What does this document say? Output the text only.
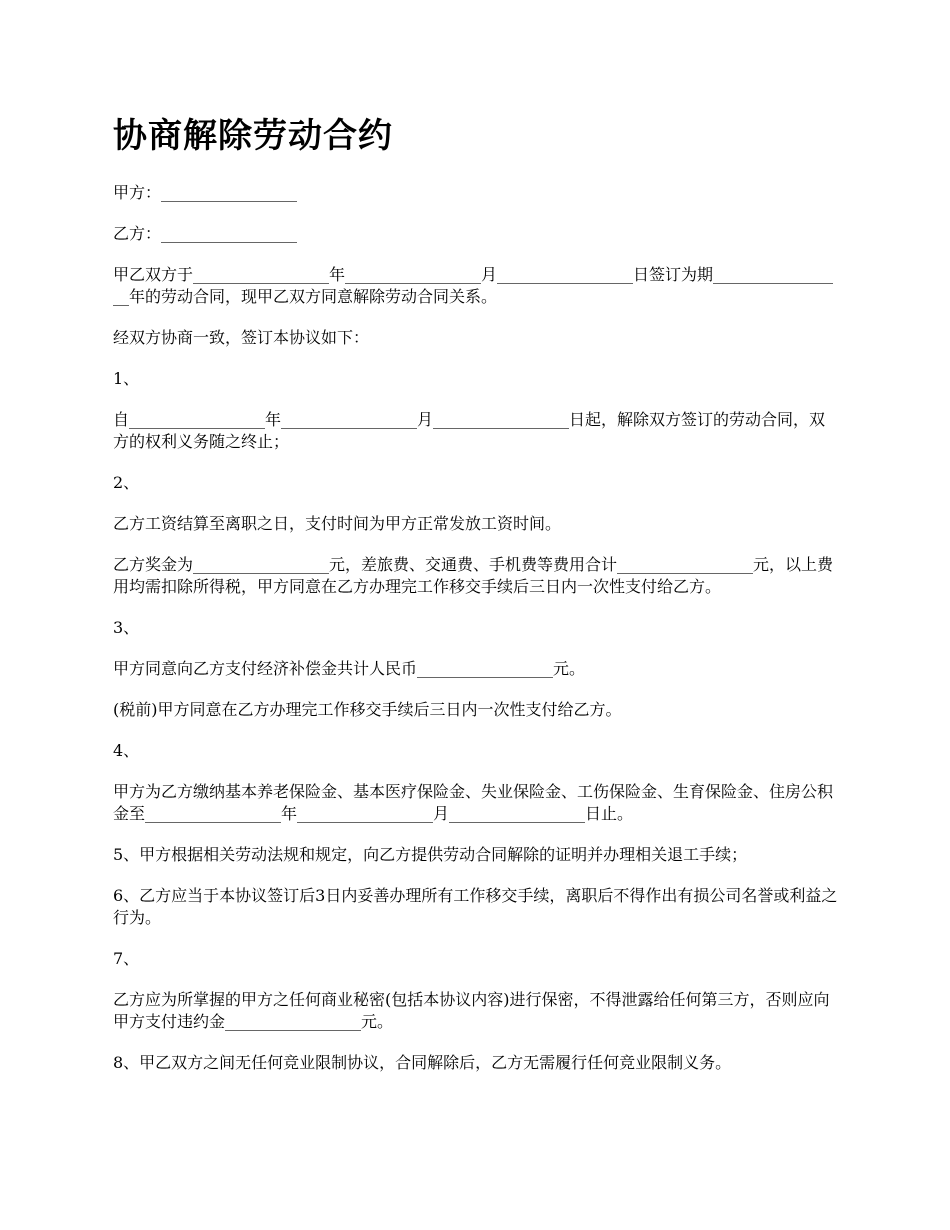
协商解除劳动合约
甲方：_________________
乙方：_________________
甲乙双方于_________________年_________________月_________________日签订为期_________________年的劳动合同，现甲乙双方同意解除劳动合同关系。
经双方协商一致，签订本协议如下：
1、
自_________________年_________________月_________________日起，解除双方签订的劳动合同，双方的权利义务随之终止；
2、
乙方工资结算至离职之日，支付时间为甲方正常发放工资时间。
乙方奖金为_________________元，差旅费、交通费、手机费等费用合计_________________元，以上费用均需扣除所得税，甲方同意在乙方办理完工作移交手续后三日内一次性支付给乙方。
3、
甲方同意向乙方支付经济补偿金共计人民币_________________元。
(税前)甲方同意在乙方办理完工作移交手续后三日内一次性支付给乙方。
4、
甲方为乙方缴纳基本养老保险金、基本医疗保险金、失业保险金、工伤保险金、生育保险金、住房公积金至_________________年_________________月_________________日止。
5、甲方根据相关劳动法规和规定，向乙方提供劳动合同解除的证明并办理相关退工手续；
6、乙方应当于本协议签订后3日内妥善办理所有工作移交手续，离职后不得作出有损公司名誉或利益之行为。
7、
乙方应为所掌握的甲方之任何商业秘密(包括本协议内容)进行保密，不得泄露给任何第三方，否则应向甲方支付违约金_________________元。
8、甲乙双方之间无任何竞业限制协议，合同解除后，乙方无需履行任何竞业限制义务。
